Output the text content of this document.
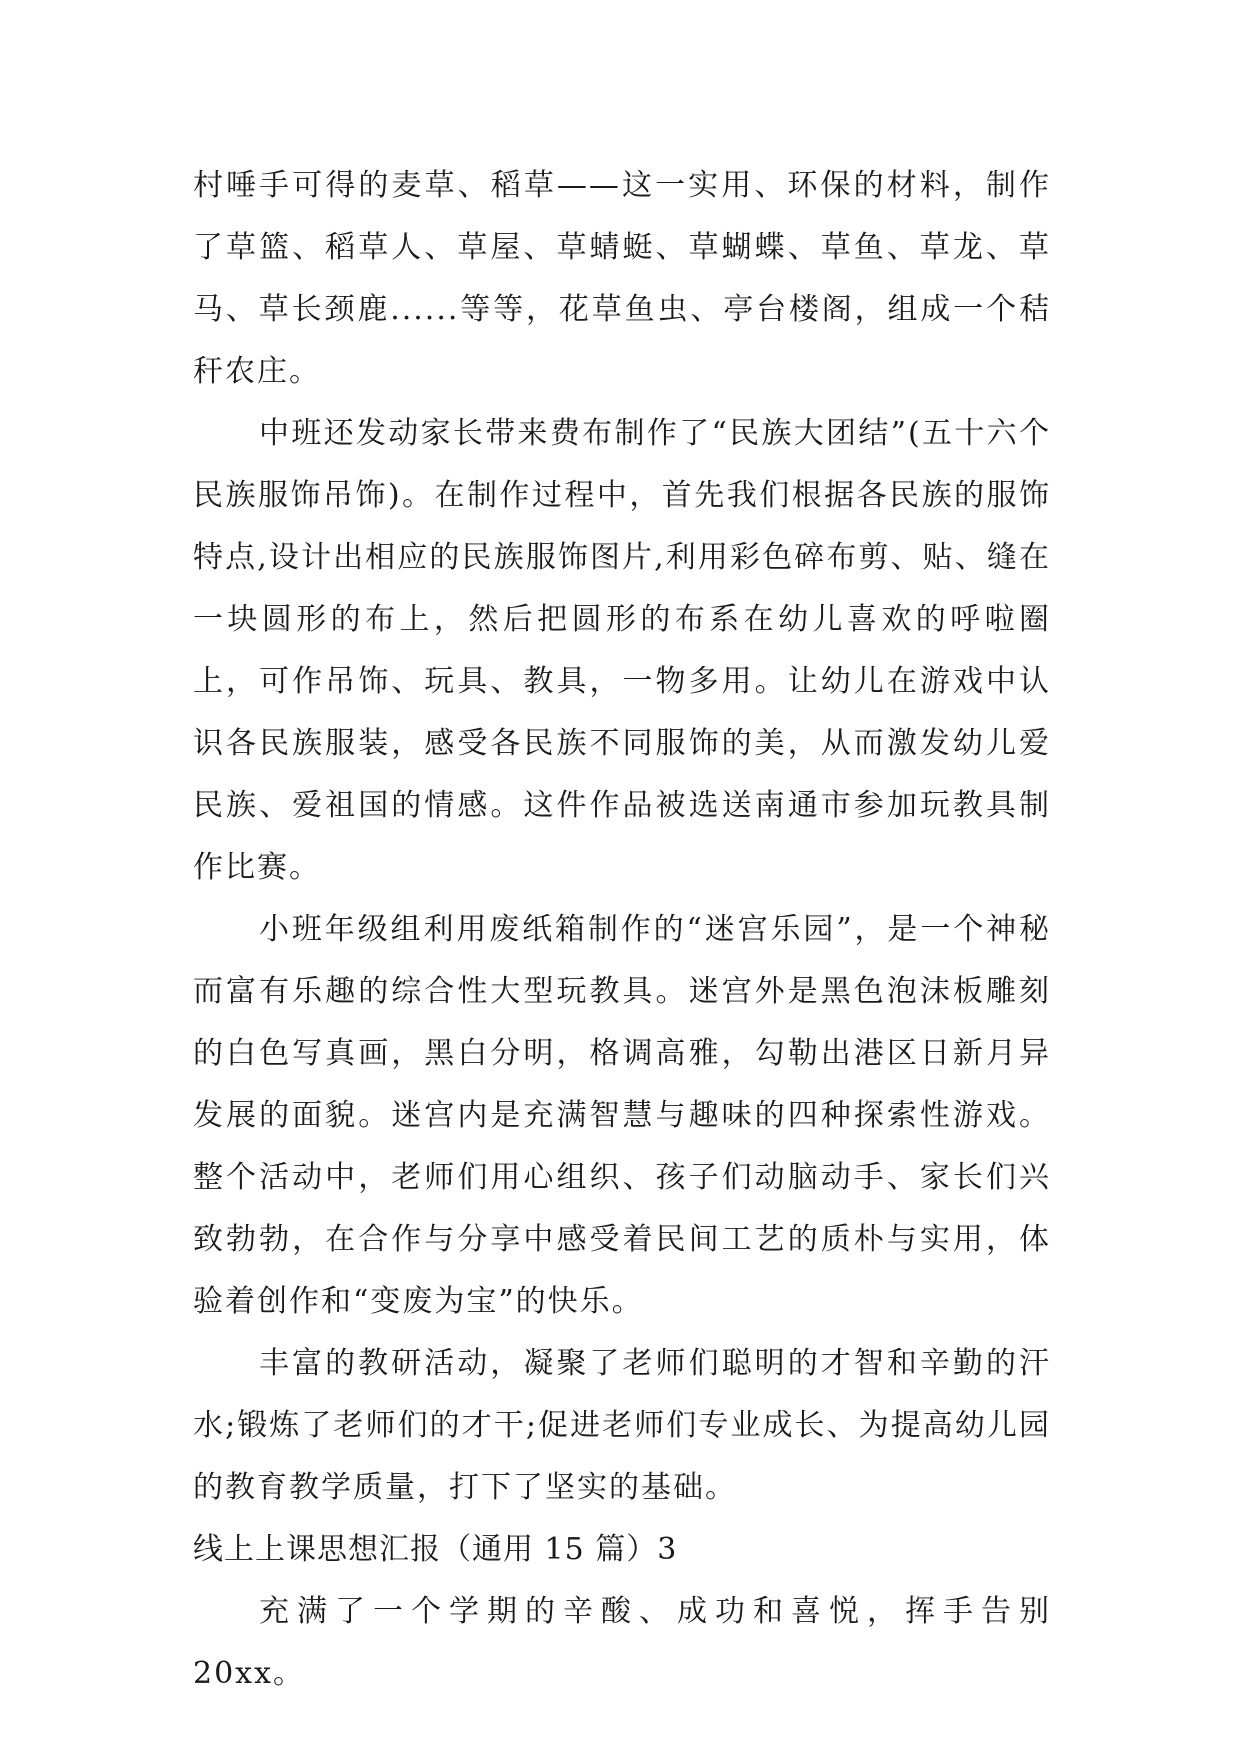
村唾手可得的麦草、稻草——这一实用、环保的材料，制作了草篮、稻草人、草屋、草蜻蜓、草蝴蝶、草鱼、草龙、草马、草长颈鹿......等等，花草鱼虫、亭台楼阁，组成一个秸秆农庄。

中班还发动家长带来费布制作了“民族大团结”(五十六个民族服饰吊饰)。在制作过程中，首先我们根据各民族的服饰特点,设计出相应的民族服饰图片,利用彩色碎布剪、贴、缝在一块圆形的布上，然后把圆形的布系在幼儿喜欢的呼啦圈上，可作吊饰、玩具、教具，一物多用。让幼儿在游戏中认识各民族服装，感受各民族不同服饰的美，从而激发幼儿爱民族、爱祖国的情感。这件作品被选送南通市参加玩教具制作比赛。

小班年级组利用废纸箱制作的“迷宫乐园”，是一个神秘而富有乐趣的综合性大型玩教具。迷宫外是黑色泡沫板雕刻的白色写真画，黑白分明，格调高雅，勾勒出港区日新月异发展的面貌。迷宫内是充满智慧与趣味的四种探索性游戏。整个活动中，老师们用心组织、孩子们动脑动手、家长们兴致勃勃，在合作与分享中感受着民间工艺的质朴与实用，体验着创作和“变废为宝”的快乐。

丰富的教研活动，凝聚了老师们聪明的才智和辛勤的汗水;锻炼了老师们的才干;促进老师们专业成长、为提高幼儿园的教育教学质量，打下了坚实的基础。

线上上课思想汇报（通用 15 篇）3

充满了一个学期的辛酸、成功和喜悦，挥手告别 20xx。
